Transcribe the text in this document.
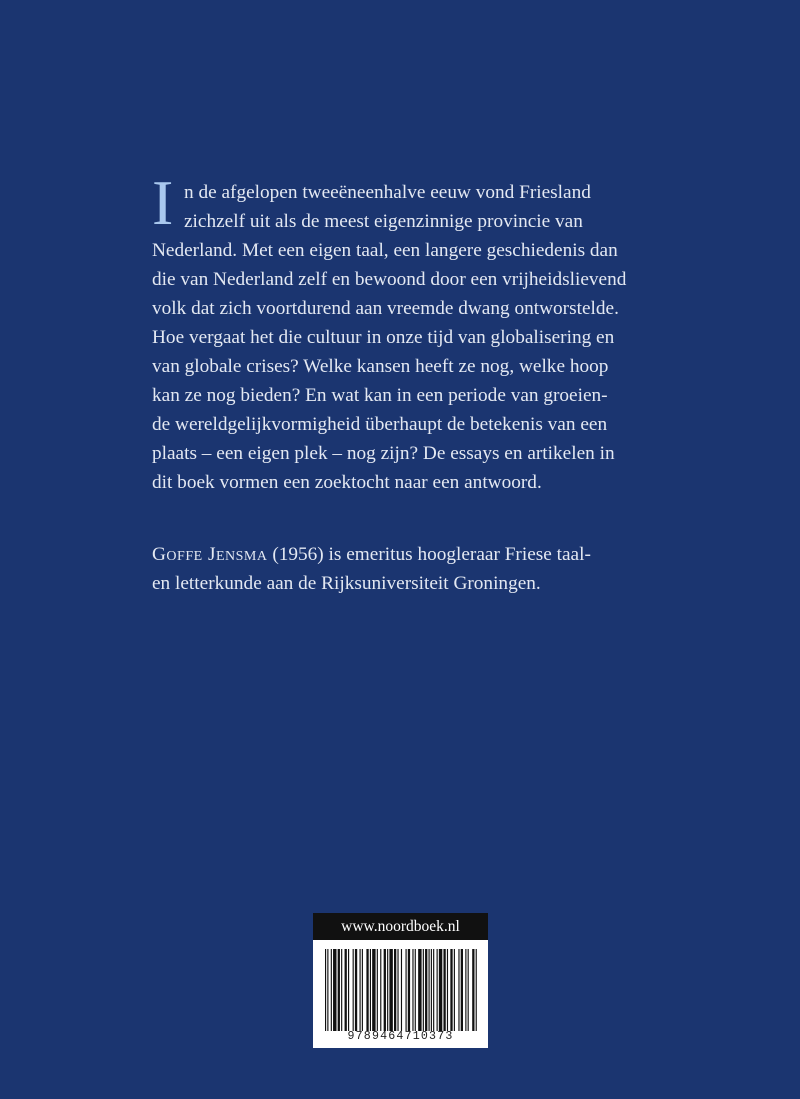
I n de afgelopen tweeëneenhalve eeuw vond Friesland
zichzelf uit als de meest eigenzinnige provincie van
Nederland. Met een eigen taal, een langere geschiedenis dan
die van Nederland zelf en bewoond door een vrijheidslievend
volk dat zich voortdurend aan vreemde dwang ontworstelde.
Hoe vergaat het die cultuur in onze tijd van globalisering en
van globale crises? Welke kansen heeft ze nog, welke hoop
kan ze nog bieden? En wat kan in een periode van groeien-
de wereldgelijkvormigheid überhaupt de betekenis van een
plaats – een eigen plek – nog zijn? De essays en artikelen in
dit boek vormen een zoektocht naar een antwoord.
Goffe Jensma (1956) is emeritus hoogleraar Friese taal-
en letterkunde aan de Rijksuniversiteit Groningen.
www.noordboek.nl
9789464710373
